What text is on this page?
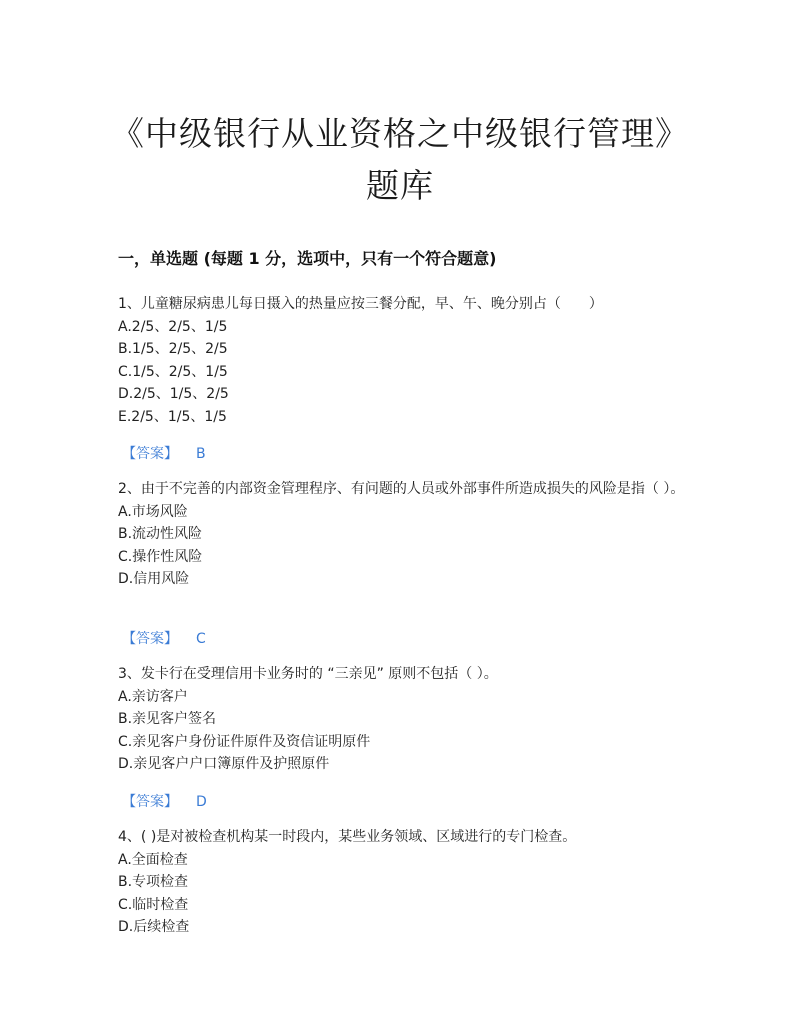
《中级银行从业资格之中级银行管理》题库
一，单选题 (每题 1 分，选项中，只有一个符合题意)

1、儿童糖尿病患儿每日摄入的热量应按三餐分配，早、午、晚分别占（　　）

A.2/5、2/5、1/5

B.1/5、2/5、2/5

C.1/5、2/5、1/5

D.2/5、1/5、2/5

E.2/5、1/5、1/5

【答案】 B

2、由于不完善的内部资金管理程序、有问题的人员或外部事件所造成损失的风险是指（ ）。

A.市场风险

B.流动性风险

C.操作性风险

D.信用风险

【答案】 C

3、发卡行在受理信用卡业务时的 “三亲见” 原则不包括（ ）。

A.亲访客户

B.亲见客户签名

C.亲见客户身份证件原件及资信证明原件

D.亲见客户户口簿原件及护照原件

【答案】 D

4、( )是对被检查机构某一时段内，某些业务领域、区域进行的专门检查。

A.全面检查

B.专项检查

C.临时检查

D.后续检查
